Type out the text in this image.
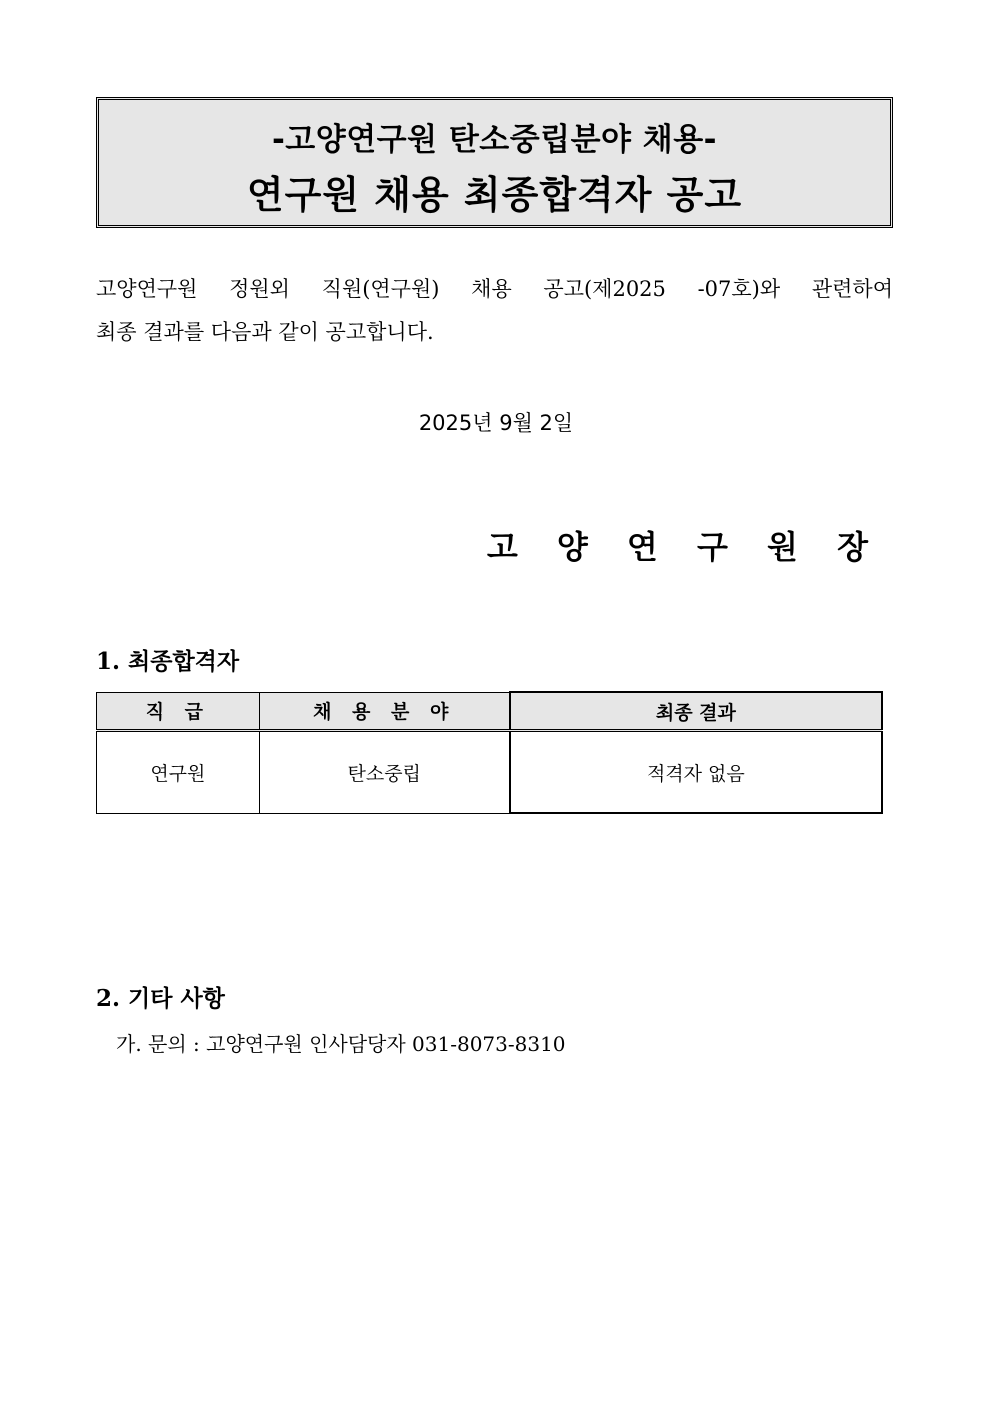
-고양연구원 탄소중립분야 채용-
연구원 채용 최종합격자 공고
고양연구원 정원외 직원(연구원) 채용 공고(제2025 -07호)와 관련하여
최종 결과를 다음과 같이 공고합니다.
2025년 9월 2일
고 양 연 구 원 장
1. 최종합격자
직 급	채 용 분 야	최종 결과
연구원	탄소중립	적격자 없음
2. 기타 사항
가. 문의 : 고양연구원 인사담당자 031-8073-8310
